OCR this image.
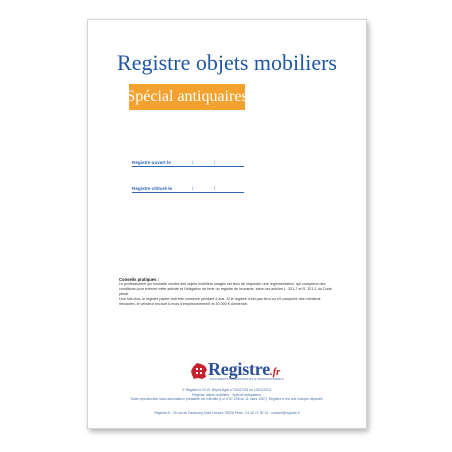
Registre objets mobiliers
Spécial antiquaires
Registre ouvert le	/	/
Registre clôturé le	/	/

Conseils pratiques :

Le professionnel qui souhaite vendre des objets mobiliers usagés est tenu de respecter une réglementation, qui comprend des conditions pour exercer cette activité et l'obligation de tenir un registre de brocante, selon les articles L. 321-7 et R. 321-1 du Code pénal.

Une fois clos, le registre papier doit être conservé pendant 5 ans. Si le registre n'est pas tenu ou s'il comporte des mentions inexactes, le vendeur encourt 6 mois d'emprisonnement et 30 000 € d'amende.

Registre.fr
DOCUMENTS ADMINISTRATIFS & PROFESSIONNELS

© Registre.fr 2013. Dépôt légal n°103/17/06 du 10/01/2013.

Registre objets mobiliers - Spécial antiquaires.

Toute reproduction sans autorisation préalable est interdite (Loi n°57-298 du 11 mars 1957). Registre.fr est une marque déposée.

Registre.fr - 30 rue du Faubourg Saint Honoré 75008 Paris - 01 44 71 30 10 - contact@registre.fr
